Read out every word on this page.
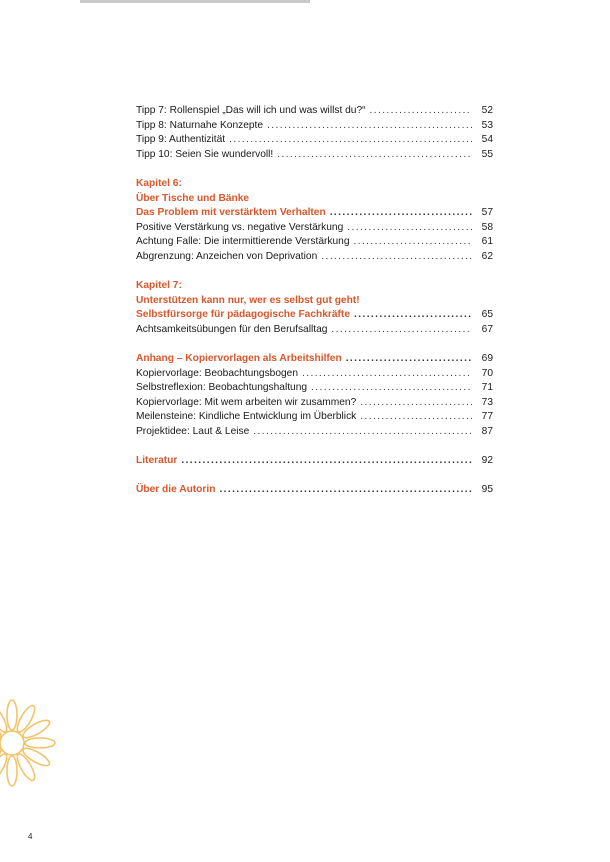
Tipp 7: Rollenspiel „Das will ich und was willst du?“ .....	52
Tipp 8: Naturnahe Konzepte .....	53
Tipp 9: Authentizität .....	54
Tipp 10: Seien Sie wundervoll! .....	55
Kapitel 6:
Über Tische und Bänke
Das Problem mit verstärktem Verhalten .....	57
Positive Verstärkung vs. negative Verstärkung .....	58
Achtung Falle: Die intermittierende Verstärkung .....	61
Abgrenzung: Anzeichen von Deprivation .....	62
Kapitel 7:
Unterstützen kann nur, wer es selbst gut geht!
Selbstfürsorge für pädagogische Fachkräfte .....	65
Achtsamkeitsübungen für den Berufsalltag .....	67
Anhang – Kopiervorlagen als Arbeitshilfen .....	69
Kopiervorlage: Beobachtungsbogen .....	70
Selbstreflexion: Beobachtungshaltung .....	71
Kopiervorlage: Mit wem arbeiten wir zusammen? .....	73
Meilensteine: Kindliche Entwicklung im Überblick .....	77
Projektidee: Laut & Leise .....	87
Literatur .....	92
Über die Autorin .....	95
4
